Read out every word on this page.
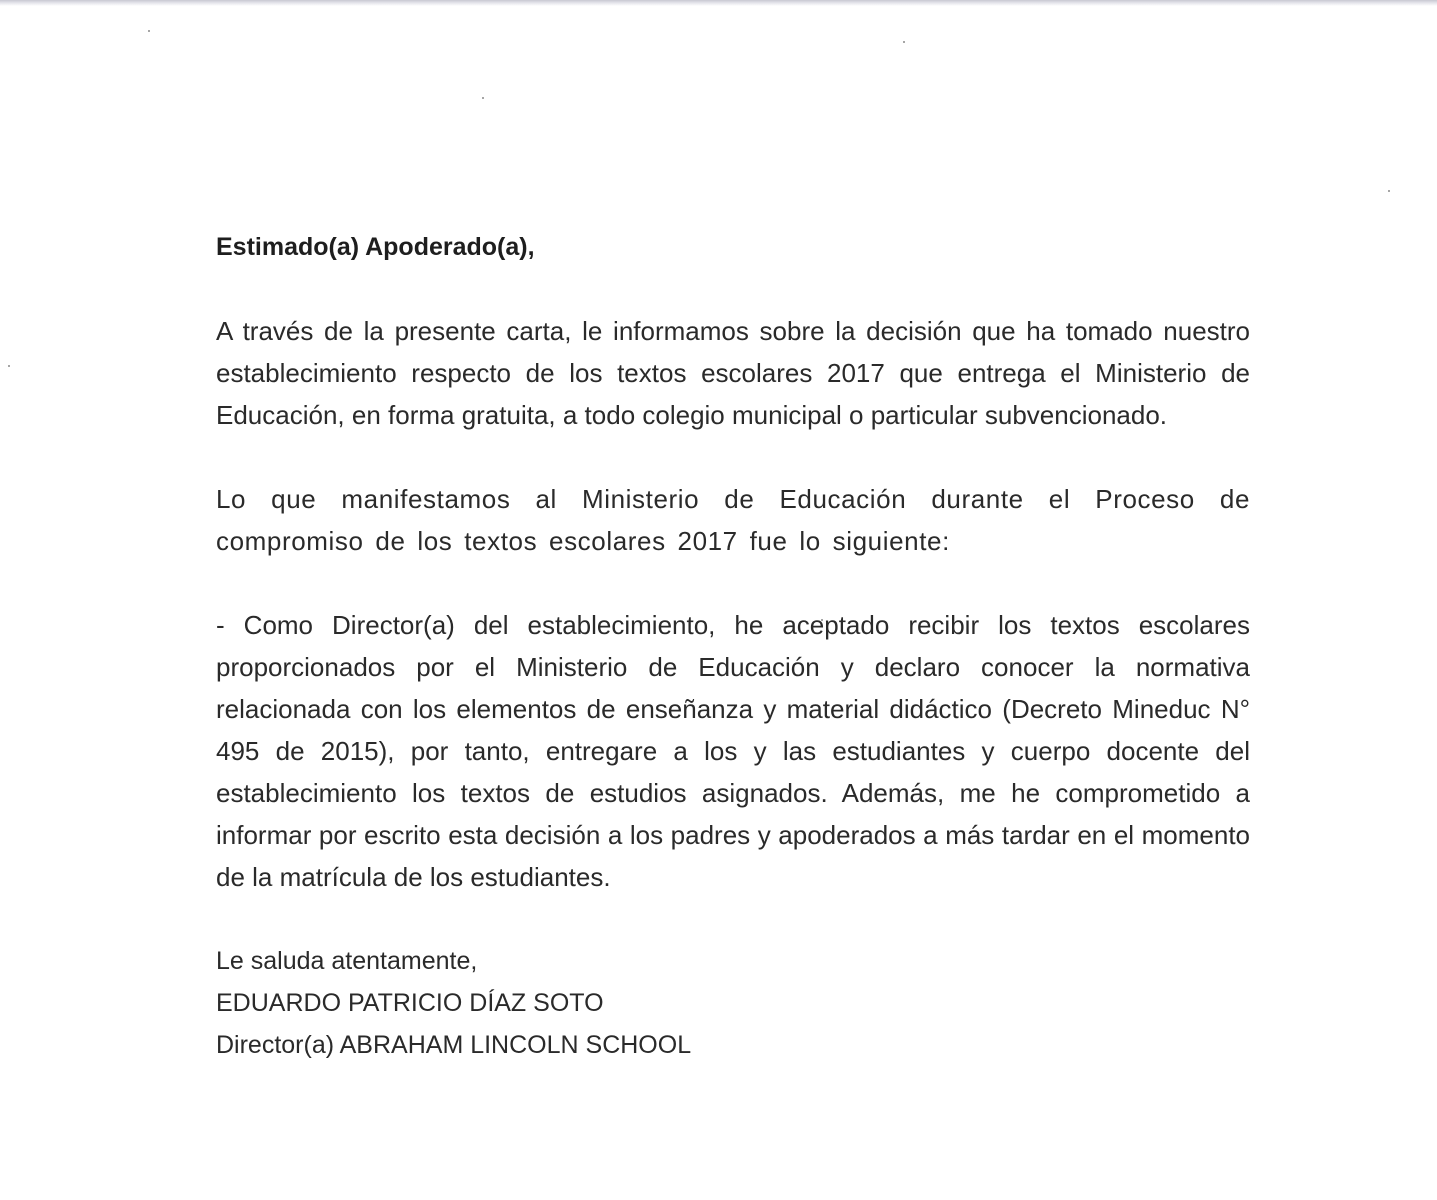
Estimado(a) Apoderado(a),

A través de la presente carta, le informamos sobre la decisión que ha tomado nuestro establecimiento respecto de los textos escolares 2017 que entrega el Ministerio de Educación, en forma gratuita, a todo colegio municipal o particular subvencionado.

Lo que manifestamos al Ministerio de Educación durante el Proceso de compromiso de los textos escolares 2017 fue lo siguiente:

- Como Director(a) del establecimiento, he aceptado recibir los textos escolares proporcionados por el Ministerio de Educación y declaro conocer la normativa relacionada con los elementos de enseñanza y material didáctico (Decreto Mineduc N° 495 de 2015), por tanto, entregare a los y las estudiantes y cuerpo docente del establecimiento los textos de estudios asignados. Además, me he comprometido a informar por escrito esta decisión a los padres y apoderados a más tardar en el momento de la matrícula de los estudiantes.

Le saluda atentamente,
EDUARDO PATRICIO DÍAZ SOTO
Director(a) ABRAHAM LINCOLN SCHOOL
